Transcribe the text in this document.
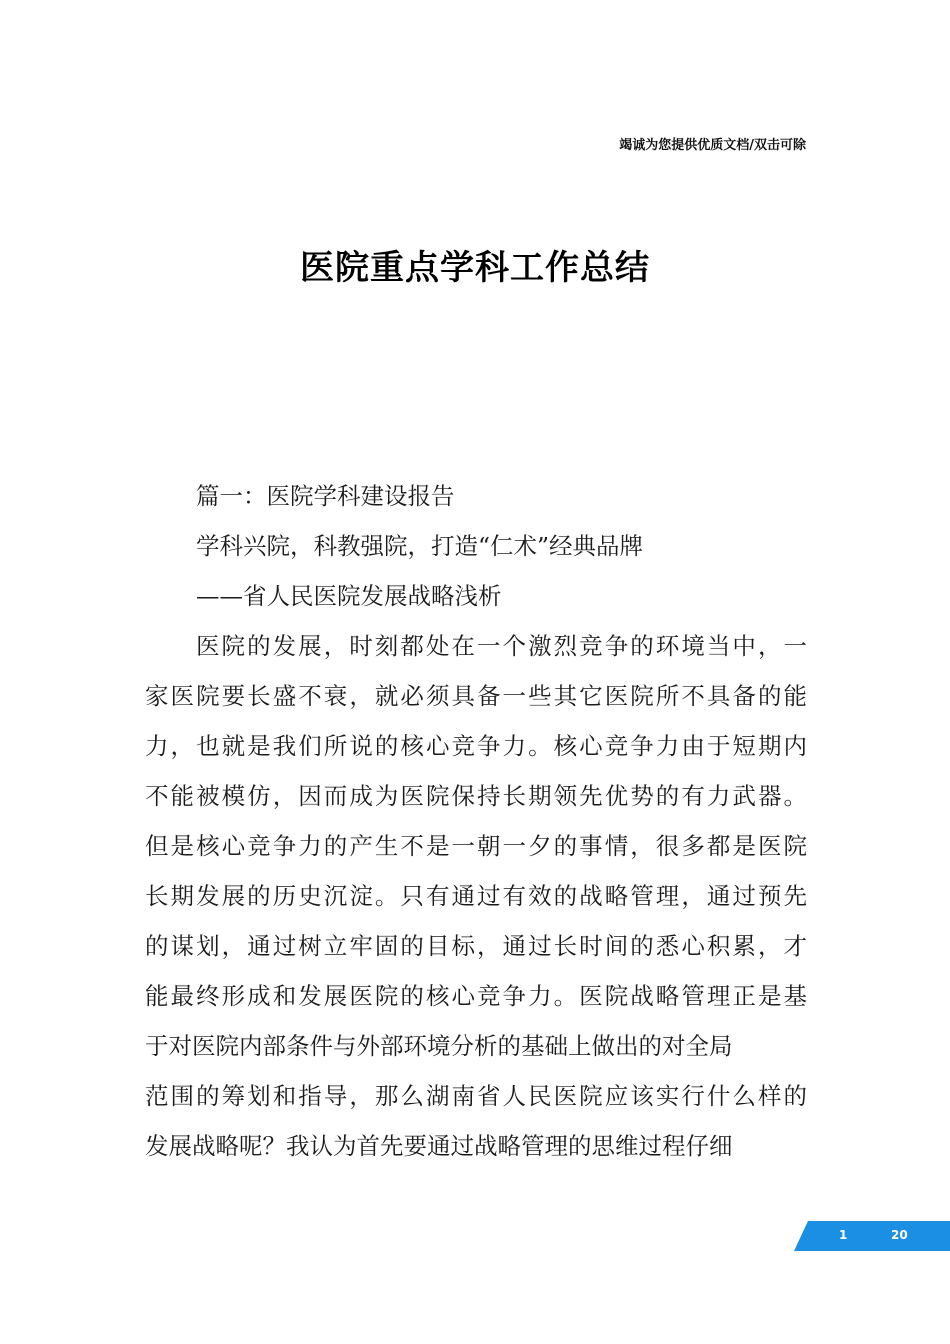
竭诚为您提供优质文档/双击可除
医院重点学科工作总结
篇一：医院学科建设报告
学科兴院，科教强院，打造“仁术”经典品牌
——省人民医院发展战略浅析
医院的发展，时刻都处在一个激烈竞争的环境当中，一
家医院要长盛不衰，就必须具备一些其它医院所不具备的能
力，也就是我们所说的核心竞争力。核心竞争力由于短期内
不能被模仿，因而成为医院保持长期领先优势的有力武器。
但是核心竞争力的产生不是一朝一夕的事情，很多都是医院
长期发展的历史沉淀。只有通过有效的战略管理，通过预先
的谋划，通过树立牢固的目标，通过长时间的悉心积累，才
能最终形成和发展医院的核心竞争力。医院战略管理正是基
于对医院内部条件与外部环境分析的基础上做出的对全局
范围的筹划和指导，那么湖南省人民医院应该实行什么样的
发展战略呢？我认为首先要通过战略管理的思维过程仔细
1	20
